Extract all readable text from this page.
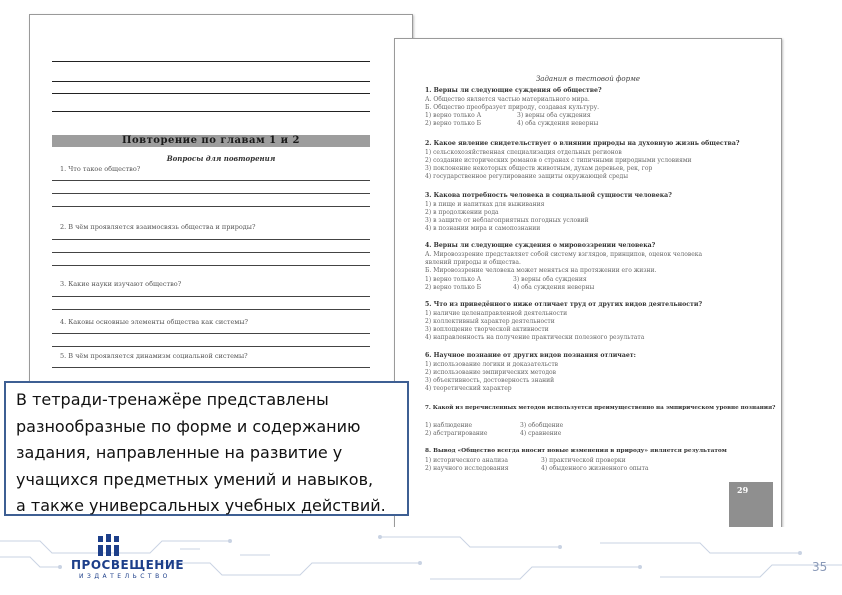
Повторение по главам 1 и 2
Вопросы для повторения
1. Что такое общество?
2. В чём проявляется взаимосвязь общества и природы?
3. Какие науки изучают общество?
4. Каковы основные элементы общества как системы?
5. В чём проявляется динамизм социальной системы?
Задания в тестовой форме
1. Верны ли следующие суждения об обществе?
А. Общество является частью материального мира.
Б. Общество преобразует природу, создавая культуру.
1) верно только А	3) верны оба суждения
2) верно только Б	4) оба суждения неверны
2. Какое явление свидетельствует о влиянии природы на духовную жизнь общества?
1) сельскохозяйственная специализация отдельных регионов
2) создание исторических романов о странах с типичными природными условиями
3) поклонение некоторых обществ животным, духам деревьев, рек, гор
4) государственное регулирование защиты окружающей среды
3. Какова потребность человека в социальной сущности человека?
1) в пище и напитках для выживания
2) в продолжении рода
3) в защите от неблагоприятных погодных условий
4) в познании мира и самопознании
4. Верны ли следующие суждения о мировоззрении человека?
А. Мировоззрение представляет собой систему взглядов, принципов, оценок человека
явлений природы и общества.
Б. Мировоззрение человека может меняться на протяжении его жизни.
1) верно только А	3) верны оба суждения
2) верно только Б	4) оба суждения неверны
5. Что из приведённого ниже отличает труд от других видов деятельности?
1) наличие целенаправленной деятельности
2) коллективный характер деятельности
3) воплощение творческой активности
4) направленность на получение практически полезного результата
6. Научное познание от других видов познания отличает:
1) использование логики и доказательств
2) использование эмпирических методов
3) объективность, достоверность знаний
4) теоретический характер
7. Какой из перечисленных методов используется преимущественно на эмпирическом уровне познания?
1) наблюдение	3) обобщение
2) абстрагирование	4) сравнение
8. Вывод «Общество всегда вносит новые изменения в природу» является результатом
1) исторического анализа	3) практической проверки
2) научного исследования	4) обыденного жизненного опыта
29

В тетради-тренажёре представлены

разнообразные по форме и содержанию

задания, направленные на развитие у

учащихся предметных умений и навыков,

а также универсальных учебных действий.

ПРОСВЕЩЕНИЕ
ИЗДАТЕЛЬСТВО
35
